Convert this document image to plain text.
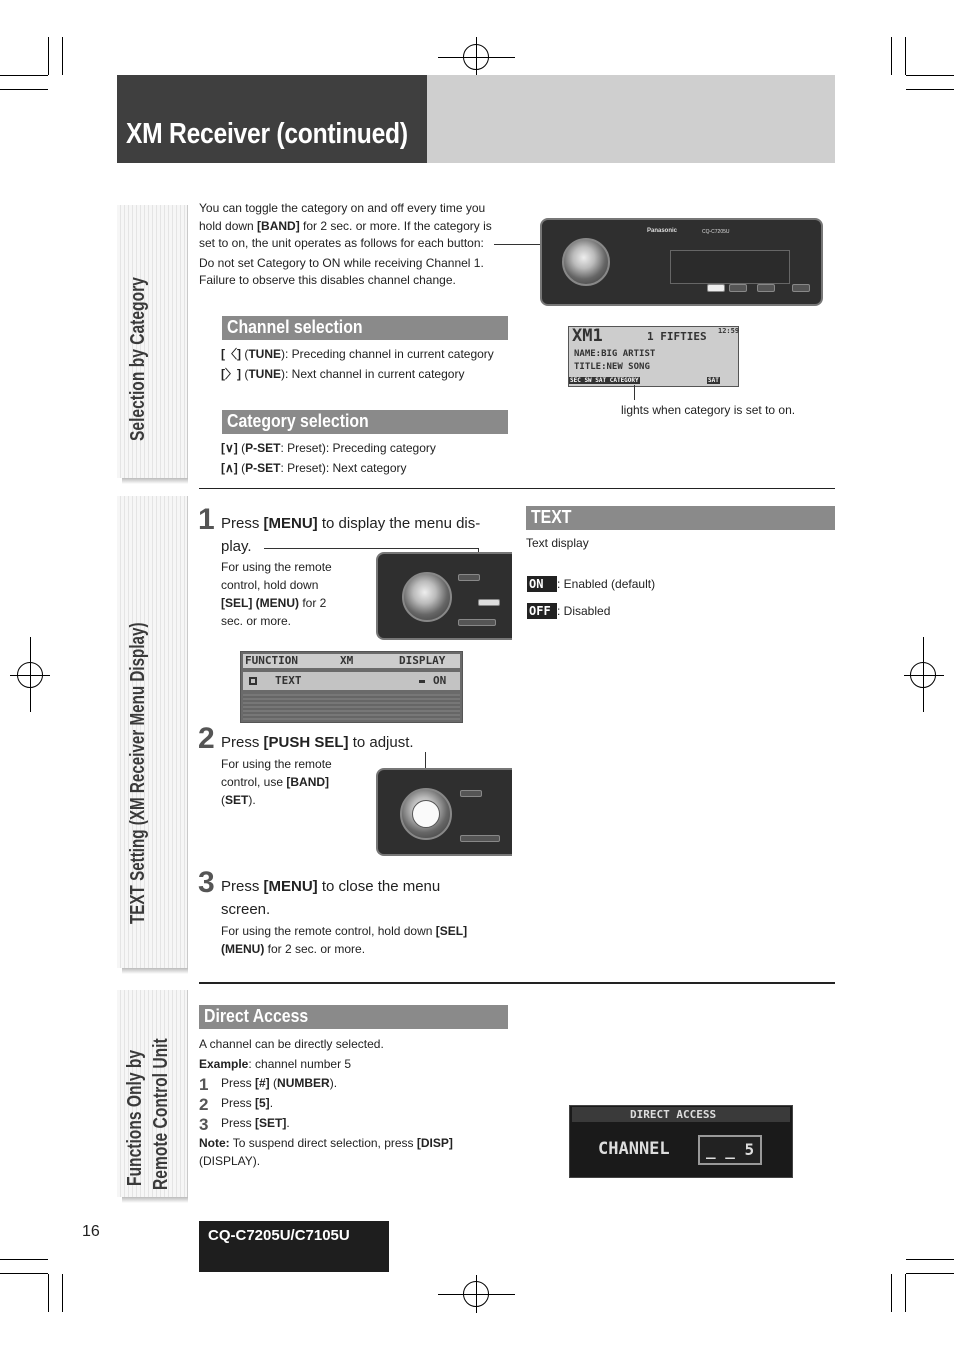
XM Receiver (continued)
Selection by Category
TEXT Setting (XM Receiver Menu Display)
Functions Only by Remote Control Unit
You can toggle the category on and off every time you
hold down [BAND] for 2 sec. or more. If the category is
set to on, the unit operates as follows for each button:
Do not set Category to ON while receiving Channel 1.
Failure to observe this disables channel change.
Panasonic	CQ-C7205U
XM1	1 FIFTIES 12:59
NAME:BIG ARTIST
TITLE:NEW SONG
SEC SW SAT CATEGORY	SAT
lights when category is set to on.
Channel selection
[〈] (TUNE): Preceding channel in current category
[〉] (TUNE): Next channel in current category
Category selection
[∨] (P-SET: Preset): Preceding category
[∧] (P-SET: Preset): Next category
1 Press [MENU] to display the menu dis-
play.
For using the remote
control, hold down
[SEL] (MENU) for 2
sec. or more.
FUNCTION	XM	DISPLAY
TEXT	ON
2 Press [PUSH SEL] to adjust.
For using the remote
control, use [BAND]
(SET).
3 Press [MENU] to close the menu
screen.
For using the remote control, hold down [SEL]
(MENU) for 2 sec. or more.
TEXT
Text display
ON : Enabled (default)
OFF : Disabled
Direct Access
A channel can be directly selected.
Example: channel number 5
1 Press [#] (NUMBER).
2 Press [5].
3 Press [SET].
Note: To suspend direct selection, press [DISP]
(DISPLAY).
DIRECT ACCESS
CHANNEL _ _ 5
16	CQ-C7205U/C7105U
